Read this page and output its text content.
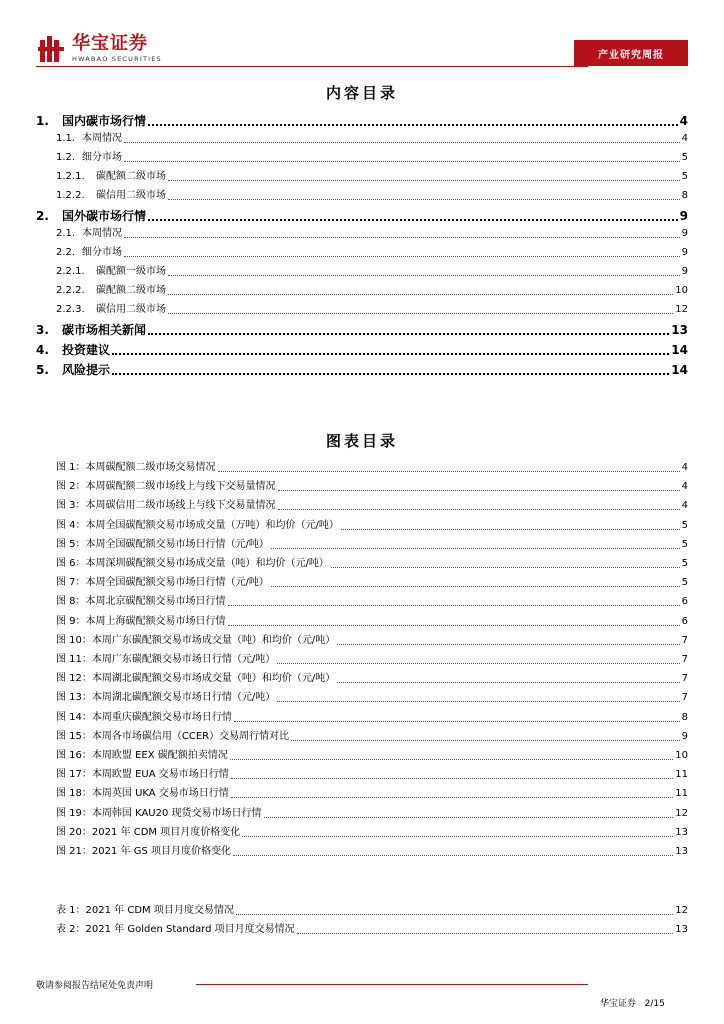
华宝证券
HWABAO SECURITIES	产业研究周报
内容目录
1. 国内碳市场行情	4
1.1. 本周情况	4
1.2. 细分市场	5
1.2.1. 碳配额二级市场	5
1.2.2. 碳信用二级市场	8
2. 国外碳市场行情	9
2.1. 本周情况	9
2.2. 细分市场	9
2.2.1. 碳配额一级市场	9
2.2.2. 碳配额二级市场	10
2.2.3. 碳信用二级市场	12
3. 碳市场相关新闻	13
4. 投资建议	14
5. 风险提示	14
图表目录
图 1：本周碳配额二级市场交易情况	4
图 2：本周碳配额二级市场线上与线下交易量情况	4
图 3：本周碳信用二级市场线上与线下交易量情况	4
图 4：本周全国碳配额交易市场成交量（万吨）和均价（元/吨）	5
图 5：本周全国碳配额交易市场日行情（元/吨）	5
图 6：本周深圳碳配额交易市场成交量（吨）和均价（元/吨）	5
图 7：本周全国碳配额交易市场日行情（元/吨）	5
图 8：本周北京碳配额交易市场日行情	6
图 9：本周上海碳配额交易市场日行情	6
图 10：本周广东碳配额交易市场成交量（吨）和均价（元/吨）	7
图 11：本周广东碳配额交易市场日行情（元/吨）	7
图 12：本周湖北碳配额交易市场成交量（吨）和均价（元/吨）	7
图 13：本周湖北碳配额交易市场日行情（元/吨）	7
图 14：本周重庆碳配额交易市场日行情	8
图 15：本周各市场碳信用（CCER）交易周行情对比	9
图 16：本周欧盟 EEX 碳配额拍卖情况	10
图 17：本周欧盟 EUA 交易市场日行情	11
图 18：本周英国 UKA 交易市场日行情	11
图 19：本周韩国 KAU20 现货交易市场日行情	12
图 20：2021 年 CDM 项目月度价格变化	13
图 21：2021 年 GS 项目月度价格变化	13
表 1：2021 年 CDM 项目月度交易情况	12
表 2：2021 年 Golden Standard 项目月度交易情况	13
敬请参阅报告结尾处免责声明
华宝证券 2/15
